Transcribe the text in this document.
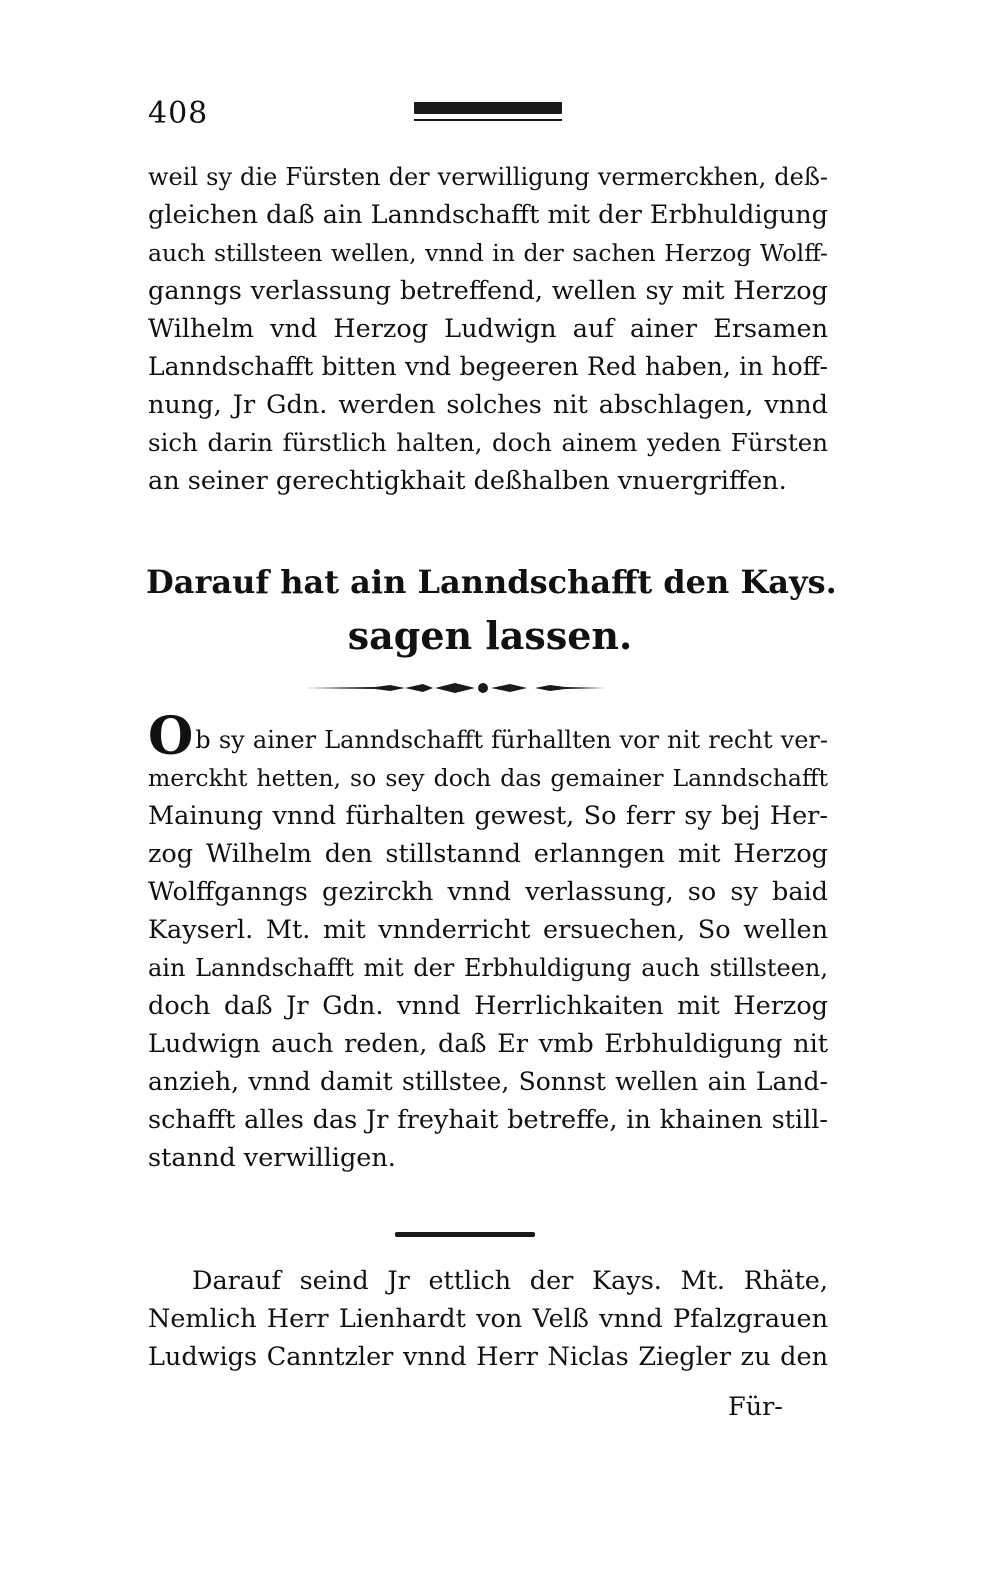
408
weil sy die Fürsten der verwilligung vermerckhen, deß-
gleichen daß ain Lanndschafft mit der Erbhuldigung
auch stillsteen wellen, vnnd in der sachen Herzog Wolff-
ganngs verlassung betreffend, wellen sy mit Herzog
Wilhelm vnd Herzog Ludwign auf ainer Ersamen
Lanndschafft bitten vnd begeeren Red haben, in hoff-
nung, Jr Gdn. werden solches nit abschlagen, vnnd
sich darin fürstlich halten, doch ainem yeden Fürsten
an seiner gerechtigkhait deßhalben vnuergriffen.
Darauf hat ain Lanndschafft den Kays.
sagen lassen.
Ob sy ainer Lanndschafft fürhallten vor nit recht ver-
merckht hetten, so sey doch das gemainer Lanndschafft
Mainung vnnd fürhalten gewest, So ferr sy bej Her-
zog Wilhelm den stillstannd erlanngen mit Herzog
Wolffganngs gezirckh vnnd verlassung, so sy baid
Kayserl. Mt. mit vnnderricht ersuechen, So wellen
ain Lanndschafft mit der Erbhuldigung auch stillsteen,
doch daß Jr Gdn. vnnd Herrlichkaiten mit Herzog
Ludwign auch reden, daß Er vmb Erbhuldigung nit
anzieh, vnnd damit stillstee, Sonnst wellen ain Land-
schafft alles das Jr freyhait betreffe, in khainen still-
stannd verwilligen.
Darauf seind Jr ettlich der Kays. Mt. Rhäte,
Nemlich Herr Lienhardt von Velß vnnd Pfalzgrauen
Ludwigs Canntzler vnnd Herr Niclas Ziegler zu den
Für-
